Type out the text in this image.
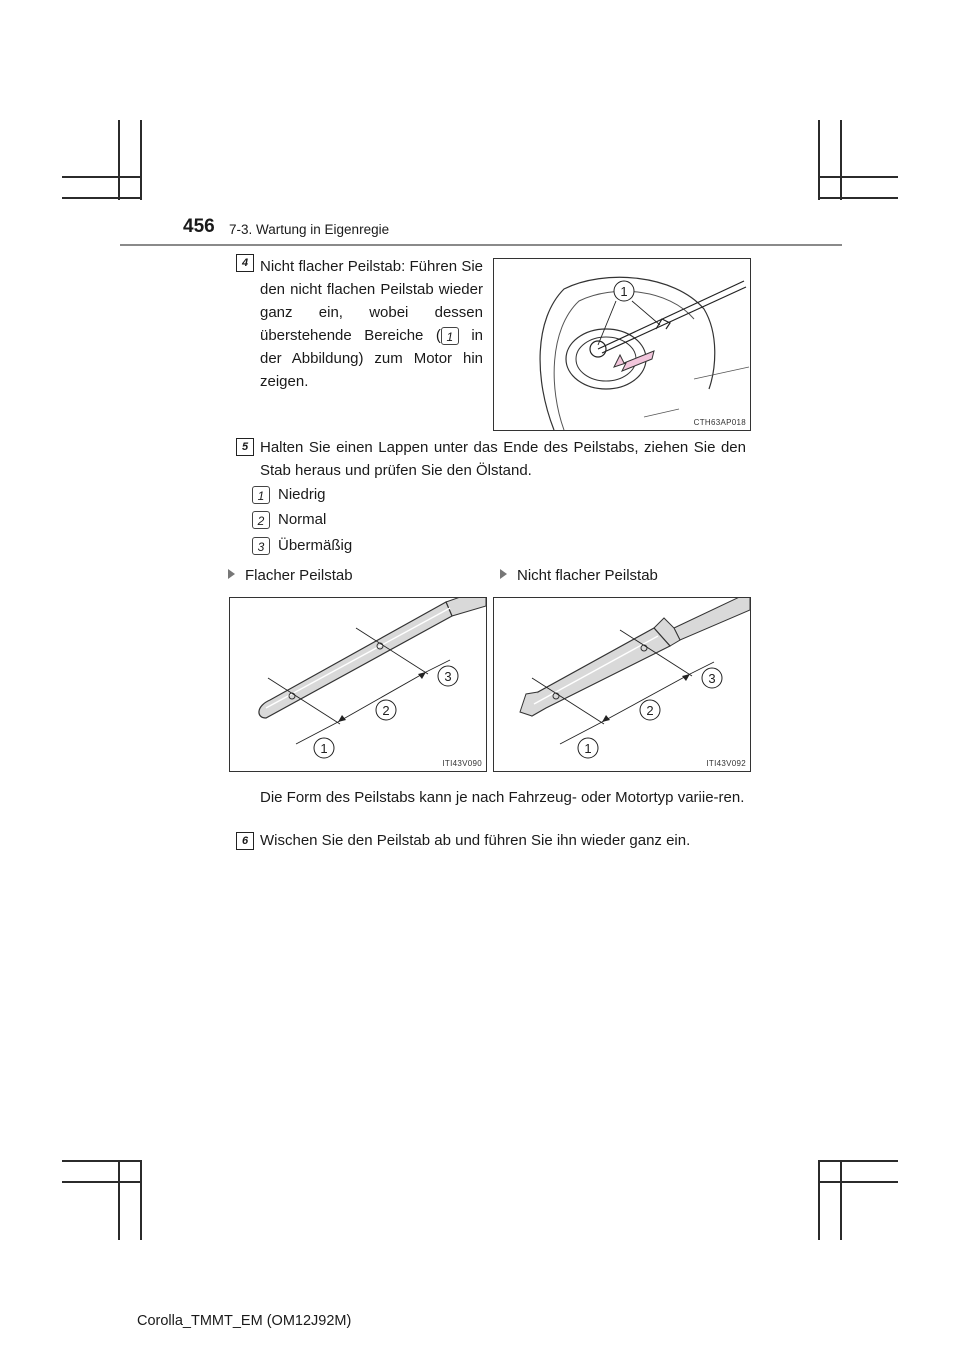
456 7-3. Wartung in Eigenregie
4 Nicht flacher Peilstab: Führen Sie den nicht flachen Peilstab wieder ganz ein, wobei dessen überstehende Bereiche ( 1 in der Abbildung) zum Motor hin zeigen.
1
CTH63AP018
5 Halten Sie einen Lappen unter das Ende des Peilstabs, ziehen Sie den Stab heraus und prüfen Sie den Ölstand.
1 Niedrig
2 Normal
3 Übermäßig
Flacher Peilstab	Nicht flacher Peilstab
1
2
3
ITI43V090
1
2
3
ITI43V092
Die Form des Peilstabs kann je nach Fahrzeug- oder Motortyp variie-ren.
6 Wischen Sie den Peilstab ab und führen Sie ihn wieder ganz ein.
Corolla_TMMT_EM (OM12J92M)
